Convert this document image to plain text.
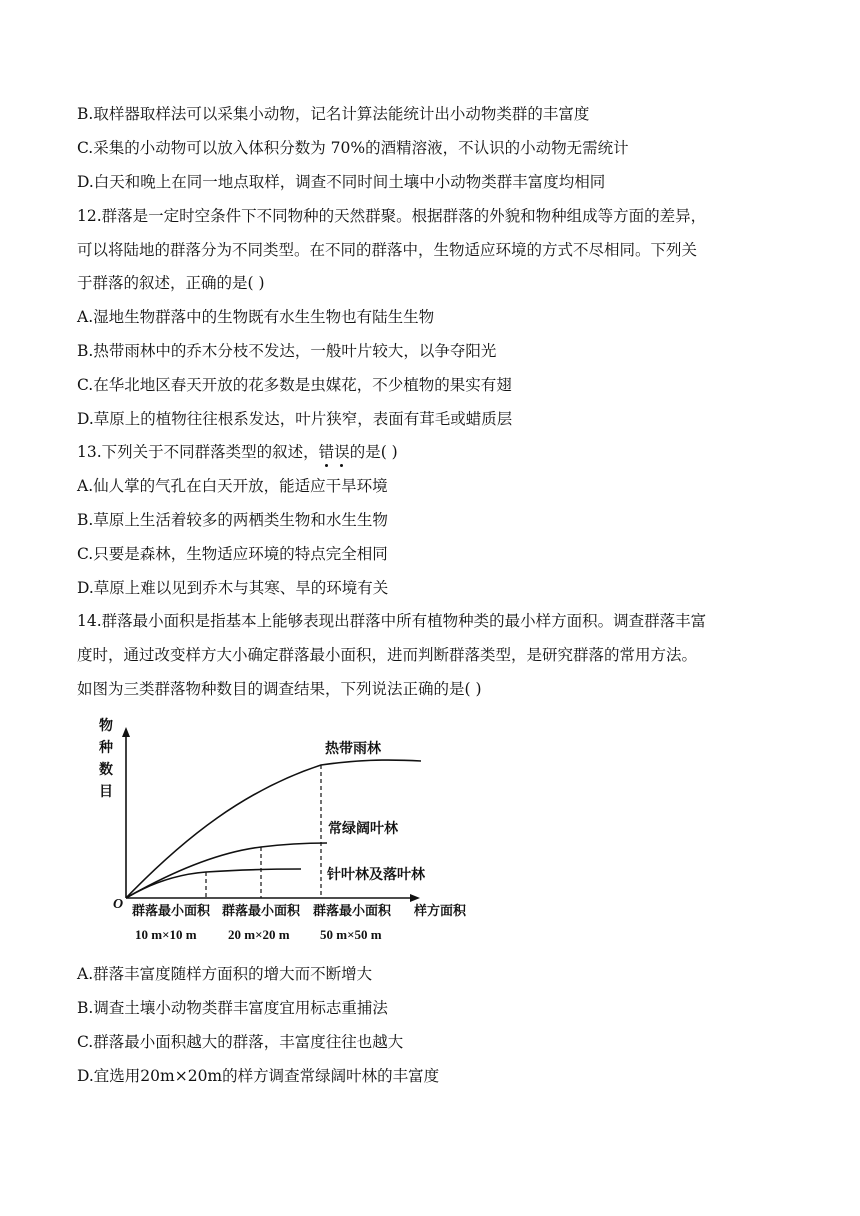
B.取样器取样法可以采集小动物，记名计算法能统计出小动物类群的丰富度
C.采集的小动物可以放入体积分数为 70%的酒精溶液，不认识的小动物无需统计
D.白天和晚上在同一地点取样，调查不同时间土壤中小动物类群丰富度均相同
12.群落是一定时空条件下不同物种的天然群聚。根据群落的外貌和物种组成等方面的差异，
可以将陆地的群落分为不同类型。在不同的群落中，生物适应环境的方式不尽相同。下列关
于群落的叙述，正确的是( )
A.湿地生物群落中的生物既有水生生物也有陆生生物
B.热带雨林中的乔木分枝不发达，一般叶片较大，以争夺阳光
C.在华北地区春天开放的花多数是虫媒花，不少植物的果实有翅
D.草原上的植物往往根系发达，叶片狭窄，表面有茸毛或蜡质层
13.下列关于不同群落类型的叙述，错误的是( )
A.仙人掌的气孔在白天开放，能适应干旱环境
B.草原上生活着较多的两栖类生物和水生生物
C.只要是森林，生物适应环境的特点完全相同
D.草原上难以见到乔木与其寒、旱的环境有关
14.群落最小面积是指基本上能够表现出群落中所有植物种类的最小样方面积。调查群落丰富
度时，通过改变样方大小确定群落最小面积，进而判断群落类型，是研究群落的常用方法。
如图为三类群落物种数目的调查结果，下列说法正确的是( )
物
种
数
目
热带雨林
常绿阔叶林
针叶林及落叶林
O	样方面积
群落最小面积 群落最小面积 群落最小面积
10 m×10 m 20 m×20 m 50 m×50 m
A.群落丰富度随样方面积的增大而不断增大
B.调查土壤小动物类群丰富度宜用标志重捕法
C.群落最小面积越大的群落，丰富度往往也越大
D.宜选用20m×20m的样方调查常绿阔叶林的丰富度
